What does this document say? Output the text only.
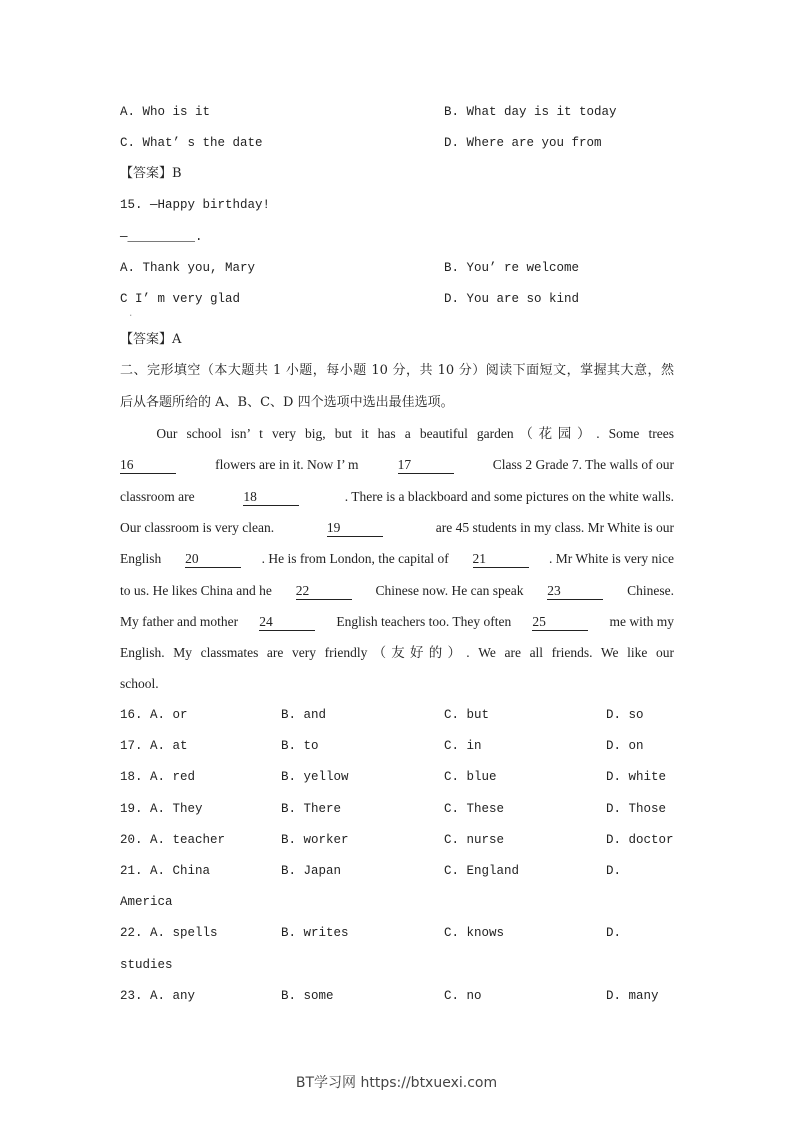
A. Who is it	B. What day is it today
C. What’ s the date	D. Where are you from
【答案】B
15. —Happy birthday!
—_________.
A. Thank you, Mary	B. You’ re welcome
C I’ m very glad	D. You are so kind
·
【答案】A
二、完形填空（本大题共 1 小题，每小题 10 分，共 10 分）阅读下面短文，掌握其大意，然
后从各题所给的 A、B、C、D 四个选项中选出最佳选项。
Our school isn’ t very big, but it has a beautiful garden（花园）. Some trees
16	flowers are in it. Now I’ m	17	Class 2 Grade 7. The walls of our
classroom are	18	. There is a blackboard and some pictures on the white walls.
Our classroom is very clean.	19	are 45 students in my class. Mr White is our
English 20	. He is from London, the capital of 21	. Mr White is very nice
to us. He likes China and he 22	Chinese now. He can speak 23	Chinese.
My father and mother 24	English teachers too. They often 25	me with my
English. My classmates are very friendly（友好的）. We are all friends. We like our
school.
16. A. or	B. and	C. but	D. so
17. A. at	B. to	C. in	D. on
18. A. red	B. yellow	C. blue	D. white
19. A. They	B. There	C. These	D. Those
20. A. teacher	B. worker	C. nurse	D. doctor
21. A. China	B. Japan	C. England	D.
America
22. A. spells	B. writes	C. knows	D.
studies
23. A. any	B. some	C. no	D. many
BT学习网 https://btxuexi.com
